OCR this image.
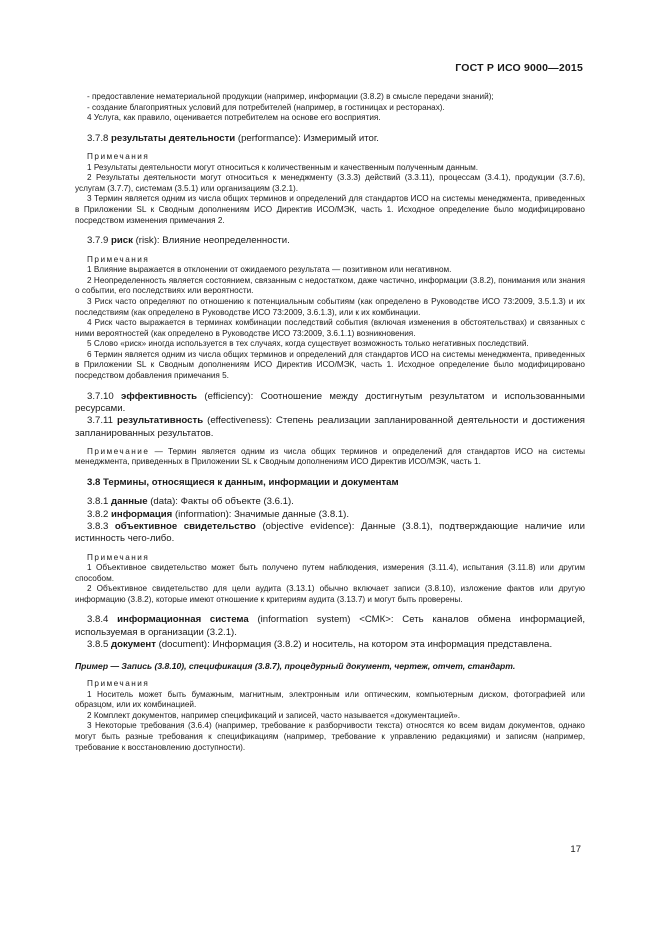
ГОСТ Р ИСО 9000—2015

- предоставление нематериальной продукции (например, информации (3.8.2) в смысле передачи знаний);

- создание благоприятных условий для потребителей (например, в гостиницах и ресторанах).

4 Услуга, как правило, оценивается потребителем на основе его восприятия.

3.7.8 результаты деятельности (performance): Измеримый итог.

Примечания

1 Результаты деятельности могут относиться к количественным и качественным полученным данным.

2 Результаты деятельности могут относиться к менеджменту (3.3.3) действий (3.3.11), процессам (3.4.1), продукции (3.7.6), услугам (3.7.7), системам (3.5.1) или организациям (3.2.1).

3 Термин является одним из числа общих терминов и определений для стандартов ИСО на системы менеджмента, приведенных в Приложении SL к Сводным дополнениям ИСО Директив ИСО/МЭК, часть 1. Исходное определение было модифицировано посредством изменения примечания 2.

3.7.9 риск (risk): Влияние неопределенности.

Примечания

1 Влияние выражается в отклонении от ожидаемого результата — позитивном или негативном.

2 Неопределенность является состоянием, связанным с недостатком, даже частично, информации (3.8.2), понимания или знания о событии, его последствиях или вероятности.

3 Риск часто определяют по отношению к потенциальным событиям (как определено в Руководстве ИСО 73:2009, 3.5.1.3) и их последствиям (как определено в Руководстве ИСО 73:2009, 3.6.1.3), или к их комбинации.

4 Риск часто выражается в терминах комбинации последствий события (включая изменения в обстоятельствах) и связанных с ними вероятностей (как определено в Руководстве ИСО 73:2009, 3.6.1.1) возникновения.

5 Слово «риск» иногда используется в тех случаях, когда существует возможность только негативных последствий.

6 Термин является одним из числа общих терминов и определений для стандартов ИСО на системы менеджмента, приведенных в Приложении SL к Сводным дополнениям ИСО Директив ИСО/МЭК, часть 1. Исходное определение было модифицировано посредством добавления примечания 5.

3.7.10 эффективность (efficiency): Соотношение между достигнутым результатом и использованными ресурсами.

3.7.11 результативность (effectiveness): Степень реализации запланированной деятельности и достижения запланированных результатов.

Примечание — Термин является одним из числа общих терминов и определений для стандартов ИСО на системы менеджмента, приведенных в Приложении SL к Сводным дополнениям ИСО Директив ИСО/МЭК, часть 1.

3.8 Термины, относящиеся к данным, информации и документам

3.8.1 данные (data): Факты об объекте (3.6.1).

3.8.2 информация (information): Значимые данные (3.8.1).

3.8.3 объективное свидетельство (objective evidence): Данные (3.8.1), подтверждающие наличие или истинность чего-либо.

Примечания

1 Объективное свидетельство может быть получено путем наблюдения, измерения (3.11.4), испытания (3.11.8) или другим способом.

2 Объективное свидетельство для цели аудита (3.13.1) обычно включает записи (3.8.10), изложение фактов или другую информацию (3.8.2), которые имеют отношение к критериям аудита (3.13.7) и могут быть проверены.

3.8.4 информационная система (information system) <СМК>: Сеть каналов обмена информацией, используемая в организации (3.2.1).

3.8.5 документ (document): Информация (3.8.2) и носитель, на котором эта информация представлена.

Пример — Запись (3.8.10), спецификация (3.8.7), процедурный документ, чертеж, отчет, стандарт.

Примечания

1 Носитель может быть бумажным, магнитным, электронным или оптическим, компьютерным диском, фотографией или образцом, или их комбинацией.

2 Комплект документов, например спецификаций и записей, часто называется «документацией».

3 Некоторые требования (3.6.4) (например, требование к разборчивости текста) относятся ко всем видам документов, однако могут быть разные требования к спецификациям (например, требование к управлению редакциями) и записям (например, требование к восстановлению доступности).

17
